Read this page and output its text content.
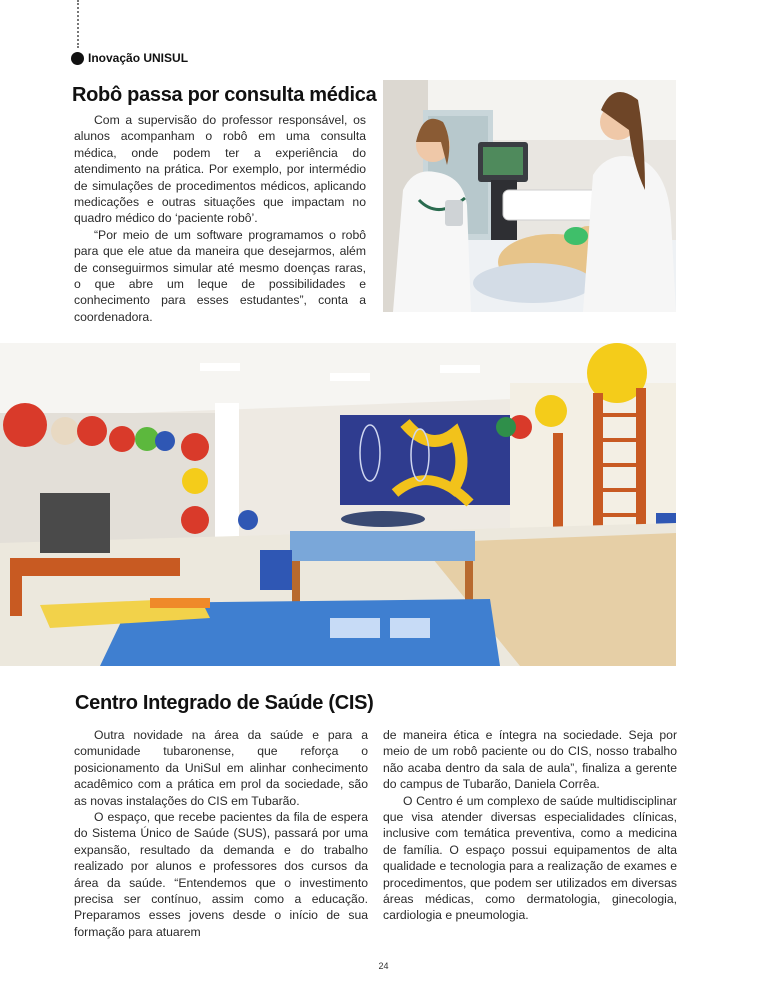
Inovação UNISUL
Robô passa por consulta médica

Com a supervisão do professor responsável, os alunos acompanham o robô em uma consulta médica, onde podem ter a experiência do atendimento na prática. Por exemplo, por intermédio de simulações de procedimentos médicos, aplicando medicações e outras situações que impactam no quadro médico do ‘paciente robô’.

“Por meio de um software programamos o robô para que ele atue da maneira que desejarmos, além de conseguirmos simular até mesmo doenças raras, o que abre um leque de possibilidades e conhecimento para esses estudantes”, conta a coordenadora.

Centro Integrado de Saúde (CIS)

Outra novidade na área da saúde e para a comunidade tubaronense, que reforça o posicionamento da UniSul em alinhar conhecimento acadêmico com a prática em prol da sociedade, são as novas instalações do CIS em Tubarão.

O espaço, que recebe pacientes da fila de espera do Sistema Único de Saúde (SUS), passará por uma expansão, resultado da demanda e do trabalho realizado por alunos e professores dos cursos da área da saúde. “Entendemos que o investimento precisa ser contínuo, assim como a educação. Preparamos esses jovens desde o início de sua formação para atuarem

de maneira ética e íntegra na sociedade. Seja por meio de um robô paciente ou do CIS, nosso trabalho não acaba dentro da sala de aula”, finaliza a gerente do campus de Tubarão, Daniela Corrêa.

O Centro é um complexo de saúde multidisciplinar que visa atender diversas especialidades clínicas, inclusive com temática preventiva, como a medicina de família. O espaço possui equipamentos de alta qualidade e tecnologia para a realização de exames e procedimentos, que podem ser utilizados em diversas áreas médicas, como dermatologia, ginecologia, cardiologia e pneumologia.

24
